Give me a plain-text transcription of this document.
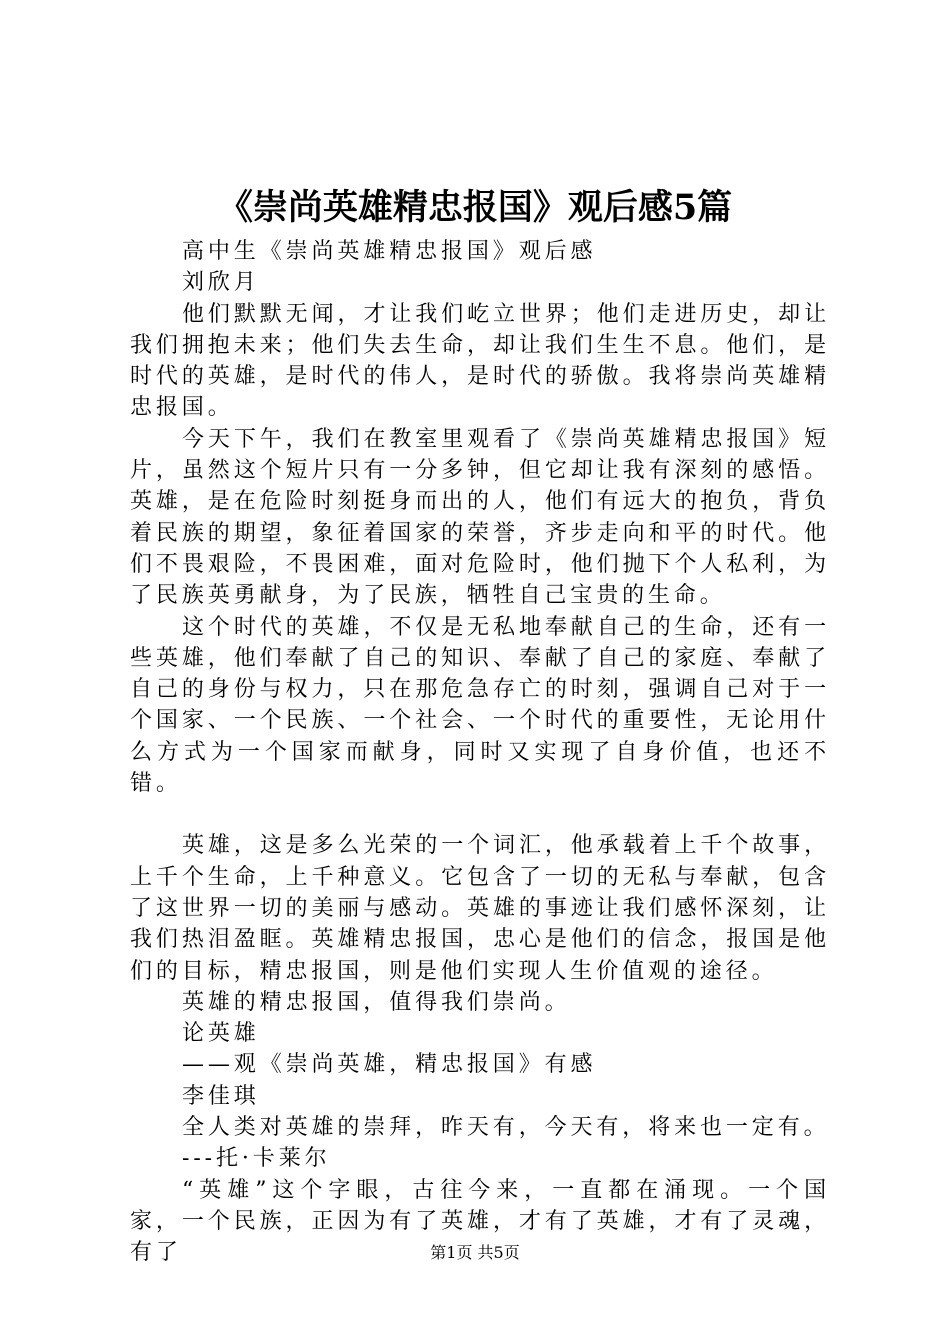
《崇尚英雄精忠报国》观后感5篇

高中生《崇尚英雄精忠报国》观后感

刘欣月

他们默默无闻，才让我们屹立世界；他们走进历史，却让我们拥抱未来；他们失去生命，却让我们生生不息。他们，是时代的英雄，是时代的伟人，是时代的骄傲。我将崇尚英雄精忠报国。

今天下午，我们在教室里观看了《崇尚英雄精忠报国》短片，虽然这个短片只有一分多钟，但它却让我有深刻的感悟。英雄，是在危险时刻挺身而出的人，他们有远大的抱负，背负着民族的期望，象征着国家的荣誉，齐步走向和平的时代。他们不畏艰险，不畏困难，面对危险时，他们抛下个人私利，为了民族英勇献身，为了民族，牺牲自己宝贵的生命。

这个时代的英雄，不仅是无私地奉献自己的生命，还有一些英雄，他们奉献了自己的知识、奉献了自己的家庭、奉献了自己的身份与权力，只在那危急存亡的时刻，强调自己对于一个国家、一个民族、一个社会、一个时代的重要性，无论用什么方式为一个国家而献身，同时又实现了自身价值，也还不错。

英雄，这是多么光荣的一个词汇，他承载着上千个故事，上千个生命，上千种意义。它包含了一切的无私与奉献，包含了这世界一切的美丽与感动。英雄的事迹让我们感怀深刻，让我们热泪盈眶。英雄精忠报国，忠心是他们的信念，报国是他们的目标，精忠报国，则是他们实现人生价值观的途径。

英雄的精忠报国，值得我们崇尚。

论英雄

——观《崇尚英雄，精忠报国》有感

李佳琪

全人类对英雄的崇拜，昨天有，今天有，将来也一定有。

---托·卡莱尔

“英雄”这个字眼，古往今来，一直都在涌现。一个国家，一个民族，正因为有了英雄，才有了英雄，才有了灵魂，有了	第1页 共5页
